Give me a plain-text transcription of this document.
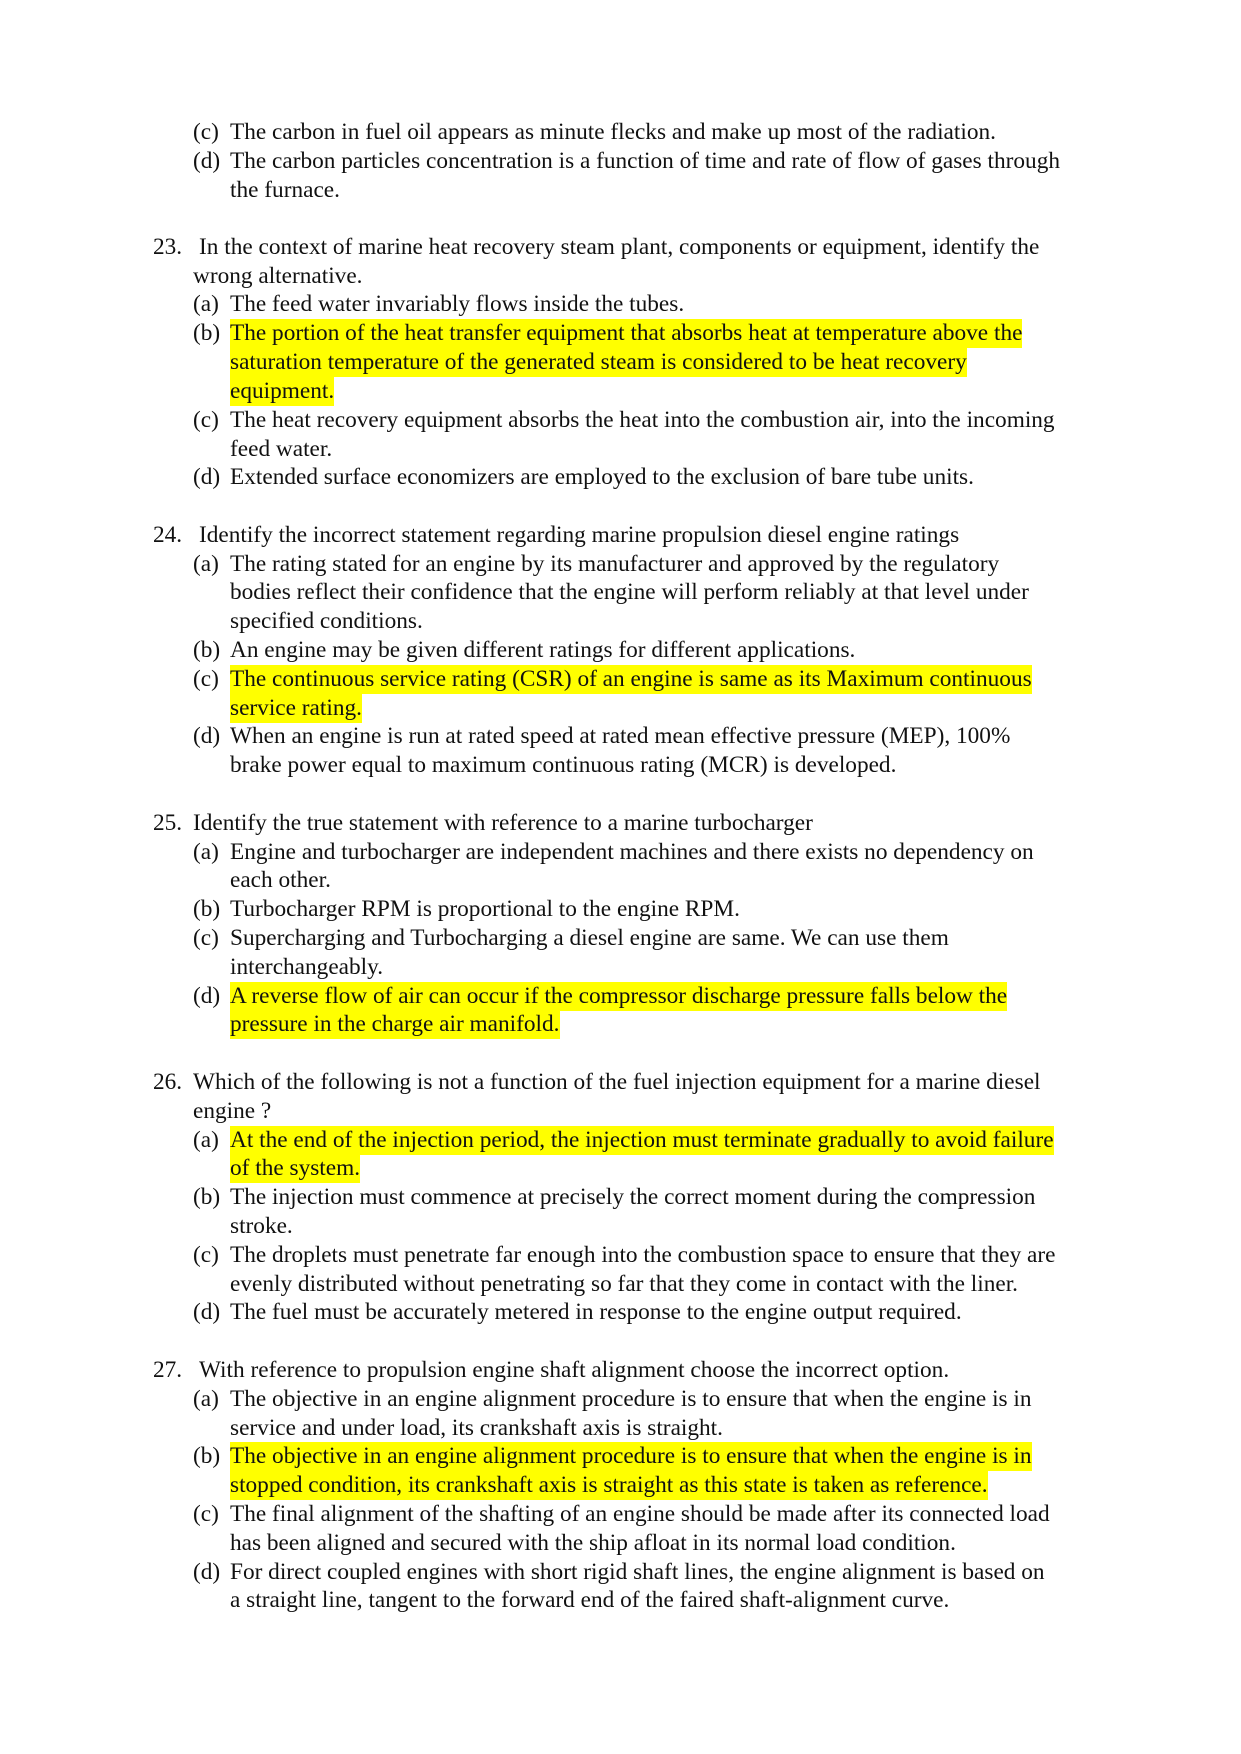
(c) The carbon in fuel oil appears as minute flecks and make up most of the radiation.
(d) The carbon particles concentration is a function of time and rate of flow of gases through
the furnace.
23. In the context of marine heat recovery steam plant, components or equipment, identify the
wrong alternative.
(a) The feed water invariably flows inside the tubes.
(b) The portion of the heat transfer equipment that absorbs heat at temperature above the
saturation temperature of the generated steam is considered to be heat recovery
equipment.
(c) The heat recovery equipment absorbs the heat into the combustion air, into the incoming
feed water.
(d) Extended surface economizers are employed to the exclusion of bare tube units.
24. Identify the incorrect statement regarding marine propulsion diesel engine ratings
(a) The rating stated for an engine by its manufacturer and approved by the regulatory
bodies reflect their confidence that the engine will perform reliably at that level under
specified conditions.
(b) An engine may be given different ratings for different applications.
(c) The continuous service rating (CSR) of an engine is same as its Maximum continuous
service rating.
(d) When an engine is run at rated speed at rated mean effective pressure (MEP), 100%
brake power equal to maximum continuous rating (MCR) is developed.
25. Identify the true statement with reference to a marine turbocharger
(a) Engine and turbocharger are independent machines and there exists no dependency on
each other.
(b) Turbocharger RPM is proportional to the engine RPM.
(c) Supercharging and Turbocharging a diesel engine are same. We can use them
interchangeably.
(d) A reverse flow of air can occur if the compressor discharge pressure falls below the
pressure in the charge air manifold.
26. Which of the following is not a function of the fuel injection equipment for a marine diesel
engine ?
(a) At the end of the injection period, the injection must terminate gradually to avoid failure
of the system.
(b) The injection must commence at precisely the correct moment during the compression
stroke.
(c) The droplets must penetrate far enough into the combustion space to ensure that they are
evenly distributed without penetrating so far that they come in contact with the liner.
(d) The fuel must be accurately metered in response to the engine output required.
27. With reference to propulsion engine shaft alignment choose the incorrect option.
(a) The objective in an engine alignment procedure is to ensure that when the engine is in
service and under load, its crankshaft axis is straight.
(b) The objective in an engine alignment procedure is to ensure that when the engine is in
stopped condition, its crankshaft axis is straight as this state is taken as reference.
(c) The final alignment of the shafting of an engine should be made after its connected load
has been aligned and secured with the ship afloat in its normal load condition.
(d) For direct coupled engines with short rigid shaft lines, the engine alignment is based on
a straight line, tangent to the forward end of the faired shaft-alignment curve.
